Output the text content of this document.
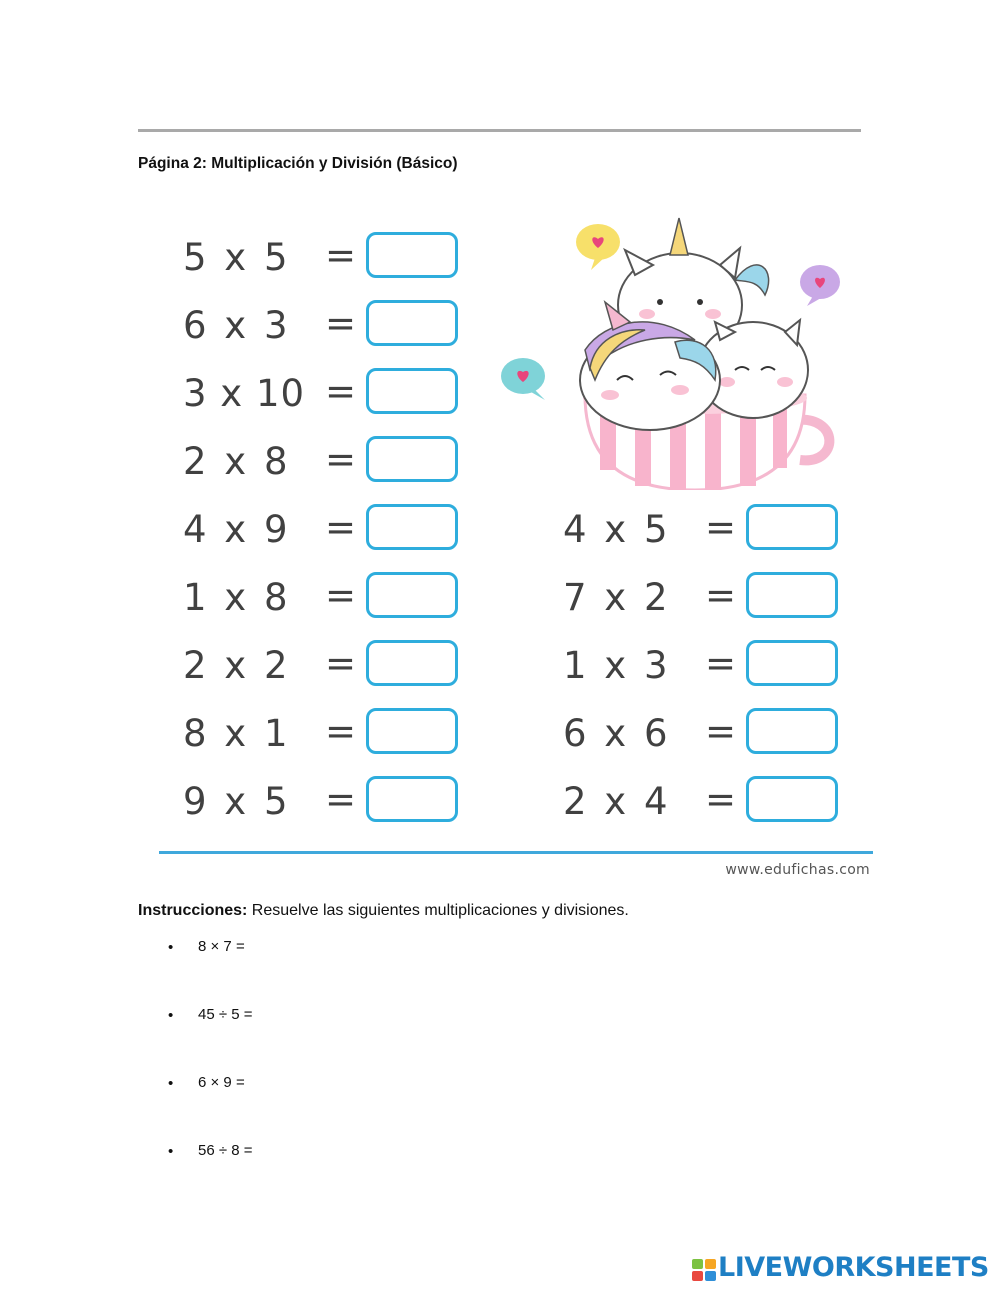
Página 2: Multiplicación y División (Básico)
5 x 5 =
6 x 3 =
3 x 10 =
2 x 8 =
4 x 9 =
1 x 8 =
2 x 2 =
8 x 1 =
9 x 5 =
4 x 5 =
7 x 2 =
1 x 3 =
6 x 6 =
2 x 4 =
www.edufichas.com
Instrucciones: Resuelve las siguientes multiplicaciones y divisiones.
• 8 × 7 =
• 45 ÷ 5 =
• 6 × 9 =
• 56 ÷ 8 =
LIVEWORKSHEETS
